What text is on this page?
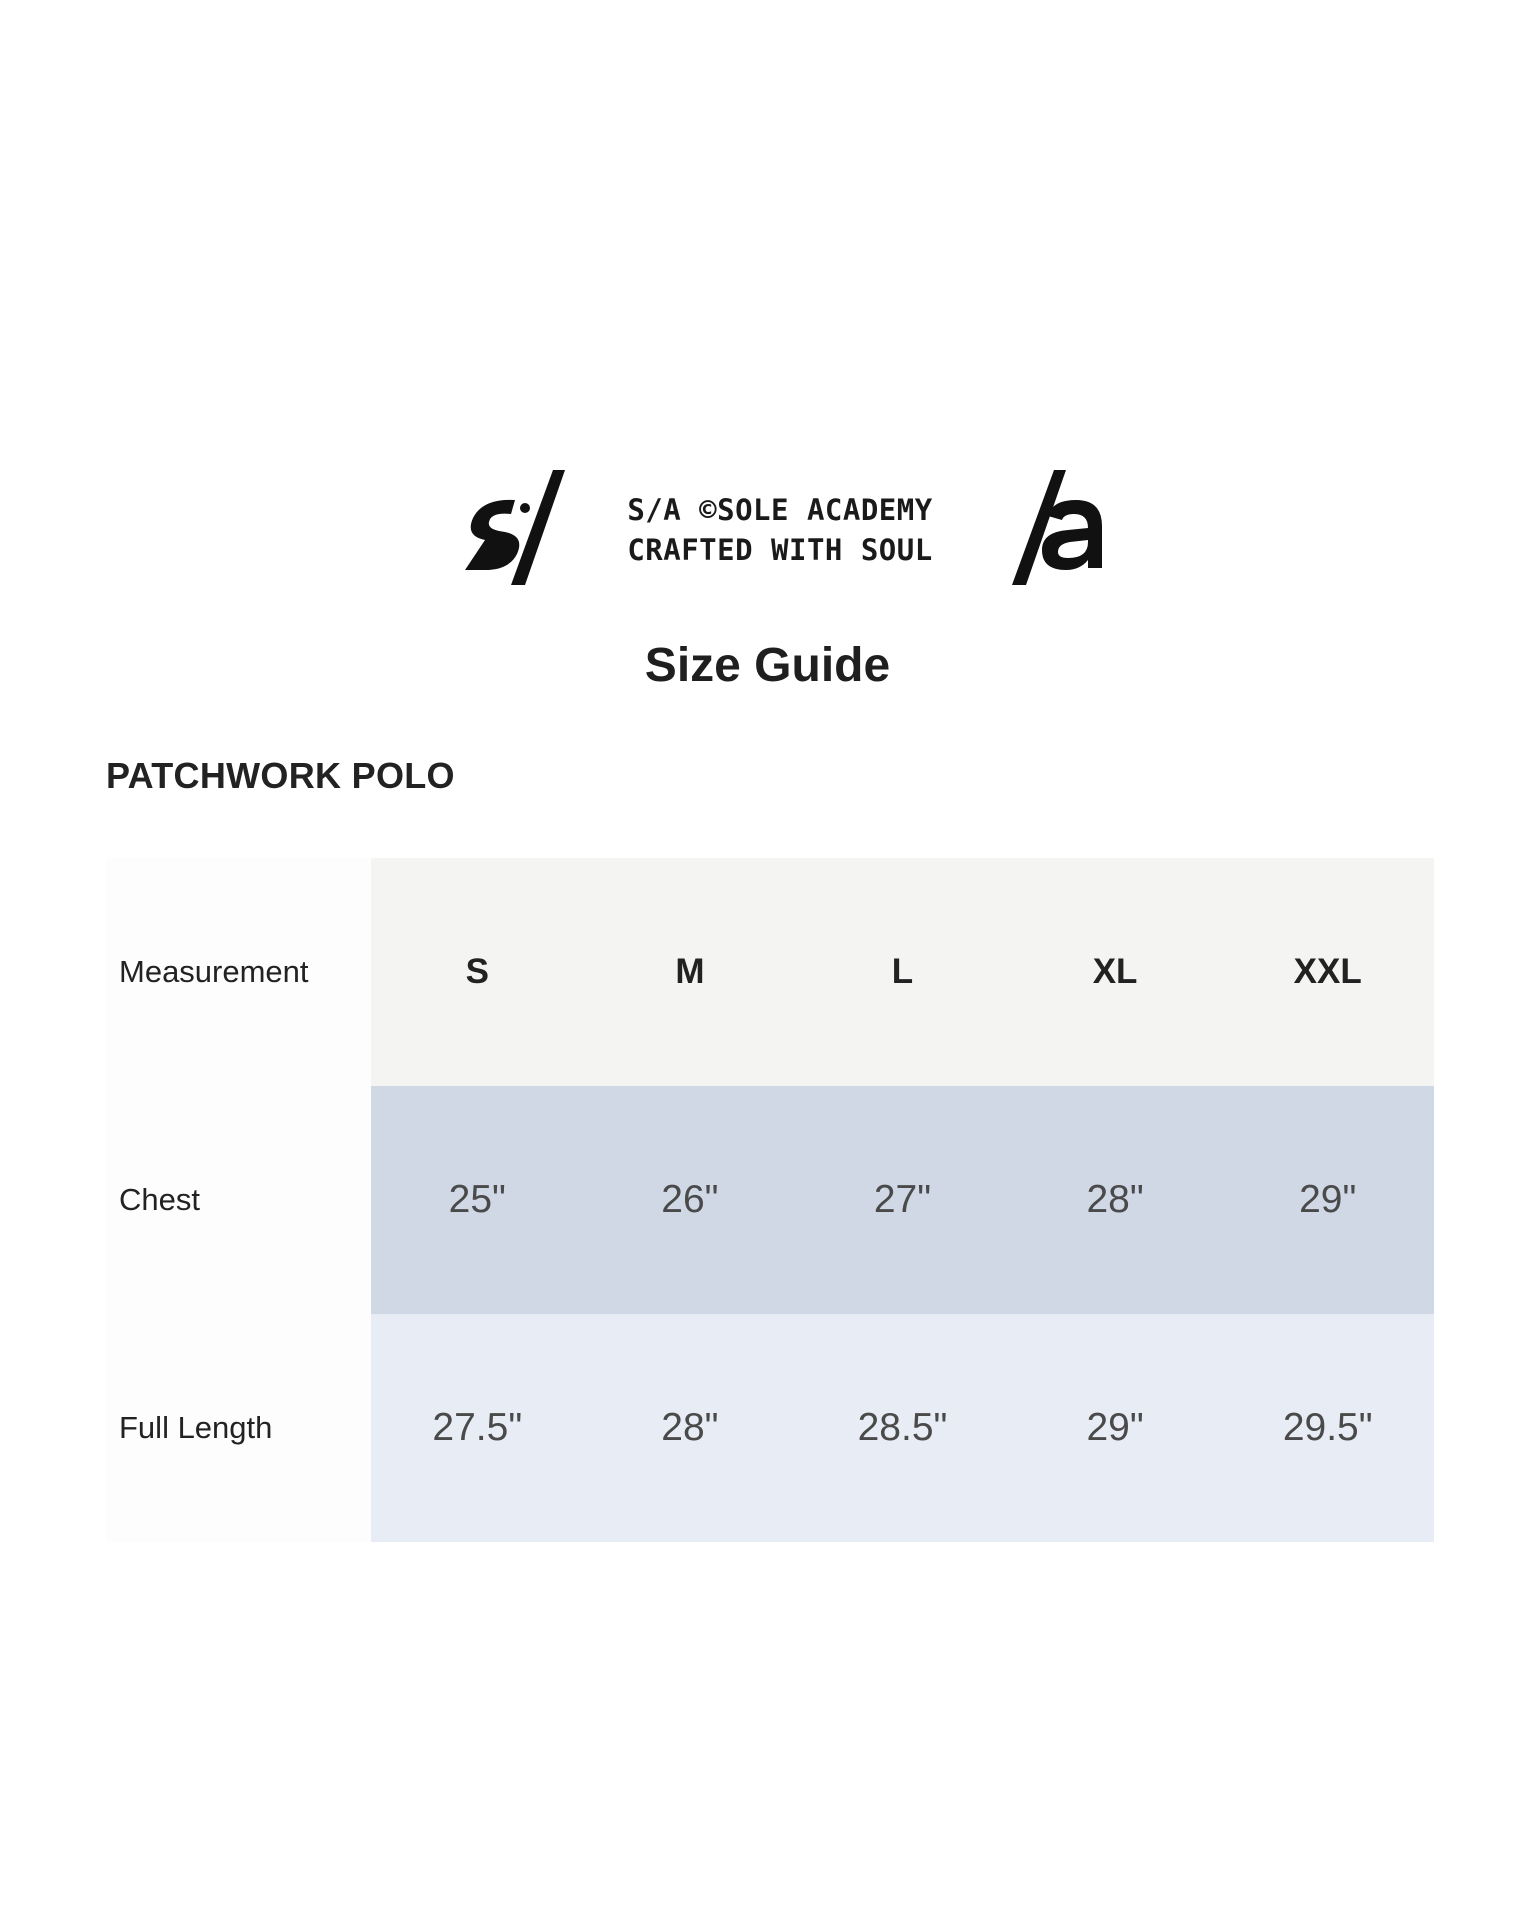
S/A ©SOLE ACADEMY
CRAFTED WITH SOUL
Size Guide
PATCHWORK POLO
Measurement	S	M	L	XL	XXL
Chest	25"	26"	27"	28"	29"
Full Length	27.5"	28"	28.5"	29"	29.5"
